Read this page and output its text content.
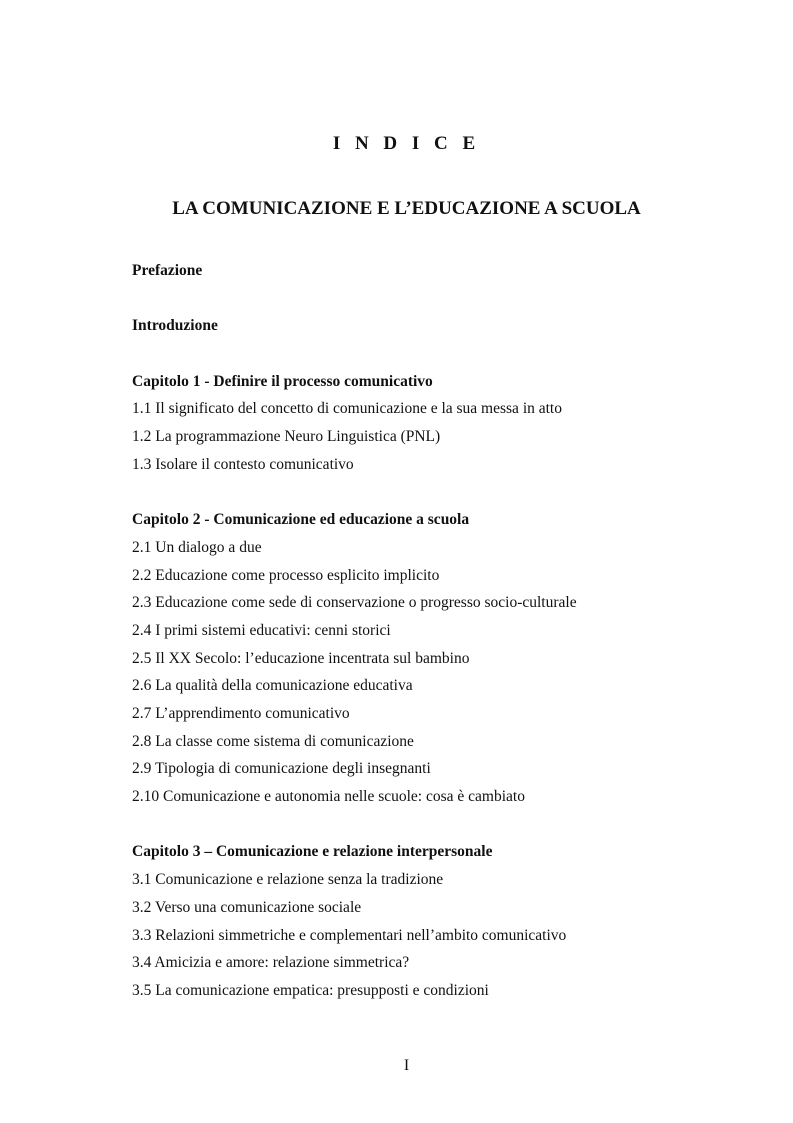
I N D I C E
LA COMUNICAZIONE E L’EDUCAZIONE A SCUOLA
Prefazione
Introduzione
Capitolo 1 - Definire il processo comunicativo
1.1 Il significato del concetto di comunicazione e la sua messa in atto
1.2 La programmazione Neuro Linguistica (PNL)
1.3 Isolare il contesto comunicativo
Capitolo 2 - Comunicazione ed educazione a scuola
2.1 Un dialogo a due
2.2 Educazione come processo esplicito implicito
2.3 Educazione come sede di conservazione o progresso socio-culturale
2.4 I primi sistemi educativi: cenni storici
2.5 Il XX Secolo: l’educazione incentrata sul bambino
2.6 La qualità della comunicazione educativa
2.7 L’apprendimento comunicativo
2.8 La classe come sistema di comunicazione
2.9 Tipologia di comunicazione degli insegnanti
2.10 Comunicazione e autonomia nelle scuole: cosa è cambiato
Capitolo 3 – Comunicazione e relazione interpersonale
3.1 Comunicazione e relazione senza la tradizione
3.2 Verso una comunicazione sociale
3.3 Relazioni simmetriche e complementari nell’ambito comunicativo
3.4 Amicizia e amore: relazione simmetrica?
3.5 La comunicazione empatica: presupposti e condizioni
I
